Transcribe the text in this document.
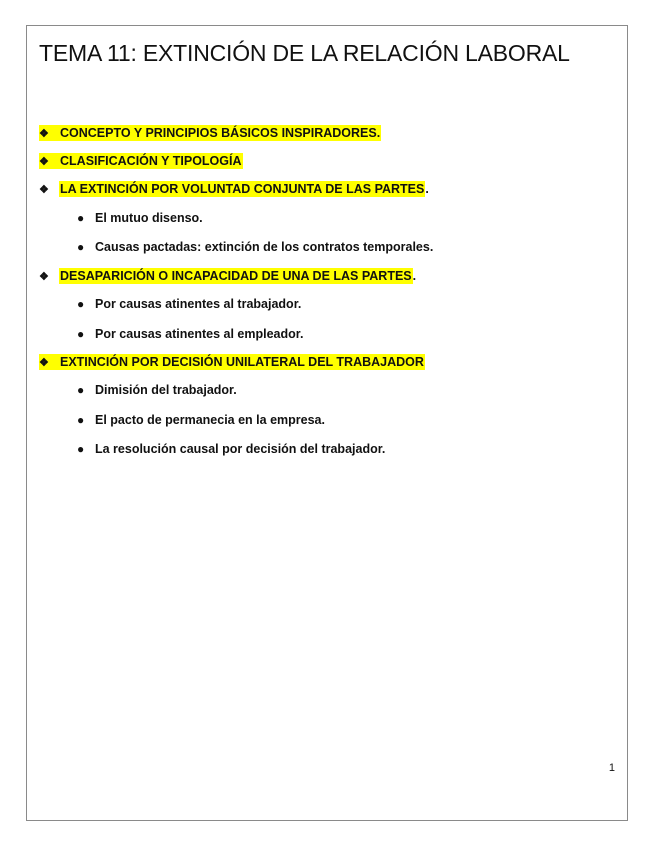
TEMA 11: EXTINCIÓN DE LA RELACIÓN LABORAL
❖ CONCEPTO Y PRINCIPIOS BÁSICOS INSPIRADORES.
❖ CLASIFICACIÓN Y TIPOLOGÍA
❖ LA EXTINCIÓN POR VOLUNTAD CONJUNTA DE LAS PARTES .
● El mutuo disenso.
● Causas pactadas: extinción de los contratos temporales.
❖ DESAPARICIÓN O INCAPACIDAD DE UNA DE LAS PARTES .
● Por causas atinentes al trabajador.
● Por causas atinentes al empleador.
❖ EXTINCIÓN POR DECISIÓN UNILATERAL DEL TRABAJADOR
● Dimisión del trabajador.
● El pacto de permanecia en la empresa.
● La resolución causal por decisión del trabajador.
1
